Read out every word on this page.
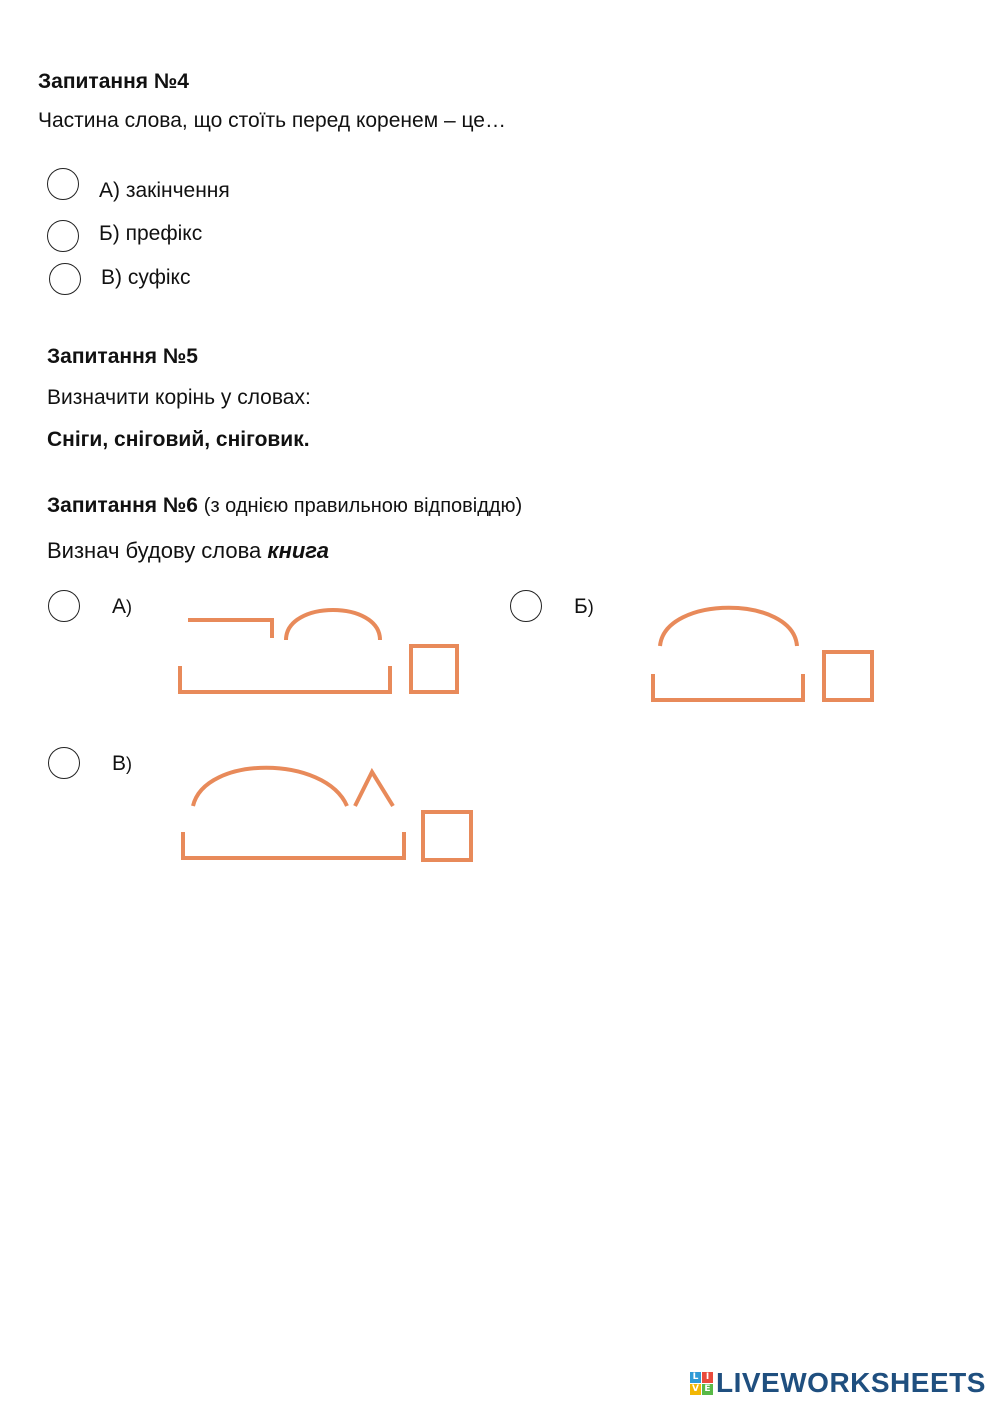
Запитання №4
Частина слова, що стоїть перед коренем – це…
А) закінчення
Б) префікс
В) суфікс
Запитання №5
Визначити корінь у словах:
Сніги, сніговий, сніговик.
Запитання №6 (з однією правильною відповіддю)
Визнач будову слова книга
А)	Б)
В)
L I
V E LIVEWORKSHEETS
